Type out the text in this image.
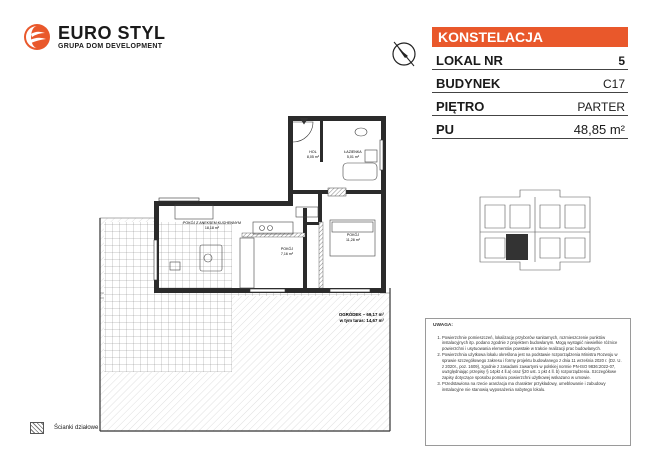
EURO STYL
GRUPA DOM DEVELOPMENT
KONSTELACJA
LOKAL NR	5
BUDYNEK	C17
PIĘTRO	PARTER
PU	48,85 m²
HOL
8,05 m²
ŁAZIENKA
5,01 m²
POKÓJ Z ANEKSEM KUCHENNYM
18,18 m²
POKÓJ
7,16 m²
POKÓJ
11,28 m²
OGRÓDEK – 69,17 m²
w tym taras: 14,67 m²
UWAGA:
1. Powierzchnie pomieszczeń, lokalizację przyborów sanitarnych, rozmieszczenie punktów instalacyjnych itp. podano zgodnie z projektem budowlanym. Mogą wystąpić niewielkie różnice powierzchni i usytuowania elementów powstałe w trakcie realizacji prac budowlanych.
2. Powierzchnia użytkowa lokalu określona jest na podstawie rozporządzenia Ministra Rozwoju w sprawie szczegółowego zakresu i formy projektu budowlanego z dnia 11 września 2020 r. (Dz. U. z 2020r., poz. 1609), zgodnie z zasadami zawartymi w polskiej normie PN-ISO 9836:2022-07, uwzględniając przepisy § 14pkt 4 ll.a) oraz §20 ust. 1 pkt 4 ll. b) rozporządzenia. Szczegółowe zapisy dotyczące sposobu pomiaru powierzchni użytkowej wskazano w umowie.
3. Przedstawiona na rzecie aranżacja ma charakter przykładowy, umeblowanie i zabudowy instalacyjne nie stanowią wyposażenia nabytego lokalu.
Ścianki działowe
